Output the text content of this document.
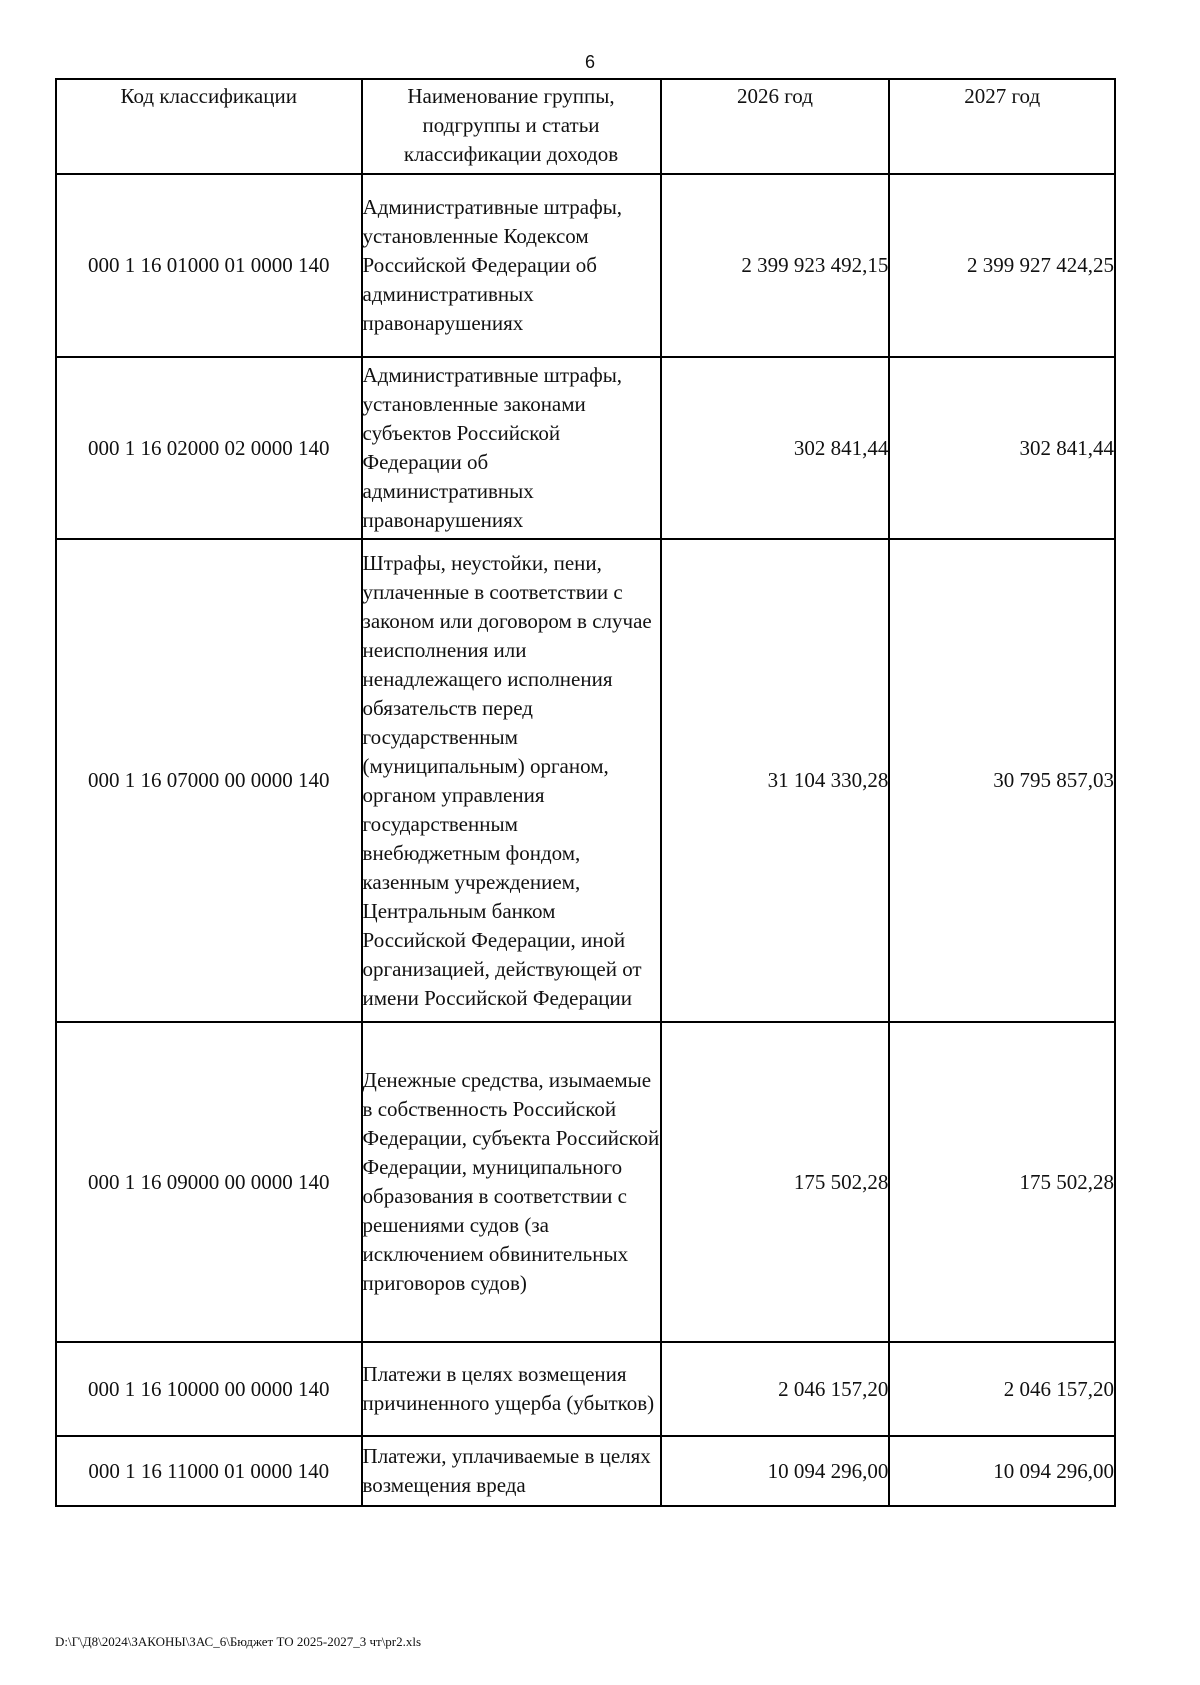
6
Код классификации	Наименование группы, подгруппы и статьи классификации доходов	2026 год	2027 год
000 1 16 01000 01 0000 140	Административные штрафы, установленные Кодексом Российской Федерации об административных правонарушениях	2 399 923 492,15	2 399 927 424,25
000 1 16 02000 02 0000 140	Административные штрафы, установленные законами субъектов Российской Федерации об административных правонарушениях	302 841,44	302 841,44
000 1 16 07000 00 0000 140	Штрафы, неустойки, пени, уплаченные в соответствии с законом или договором в случае неисполнения или ненадлежащего исполнения обязательств перед государственным (муниципальным) органом, органом управления государственным внебюджетным фондом, казенным учреждением, Центральным банком Российской Федерации, иной организацией, действующей от имени Российской Федерации	31 104 330,28	30 795 857,03
000 1 16 09000 00 0000 140	Денежные средства, изымаемые в собственность Российской Федерации, субъекта Российской Федерации, муниципального образования в соответствии с решениями судов (за исключением обвинительных приговоров судов)	175 502,28	175 502,28
000 1 16 10000 00 0000 140	Платежи в целях возмещения причиненного ущерба (убытков)	2 046 157,20	2 046 157,20
000 1 16 11000 01 0000 140	Платежи, уплачиваемые в целях возмещения вреда	10 094 296,00	10 094 296,00
D:\Г\Д8\2024\ЗАКОНЫ\ЗАС_6\Бюджет ТО 2025-2027_3 чт\pr2.xls
